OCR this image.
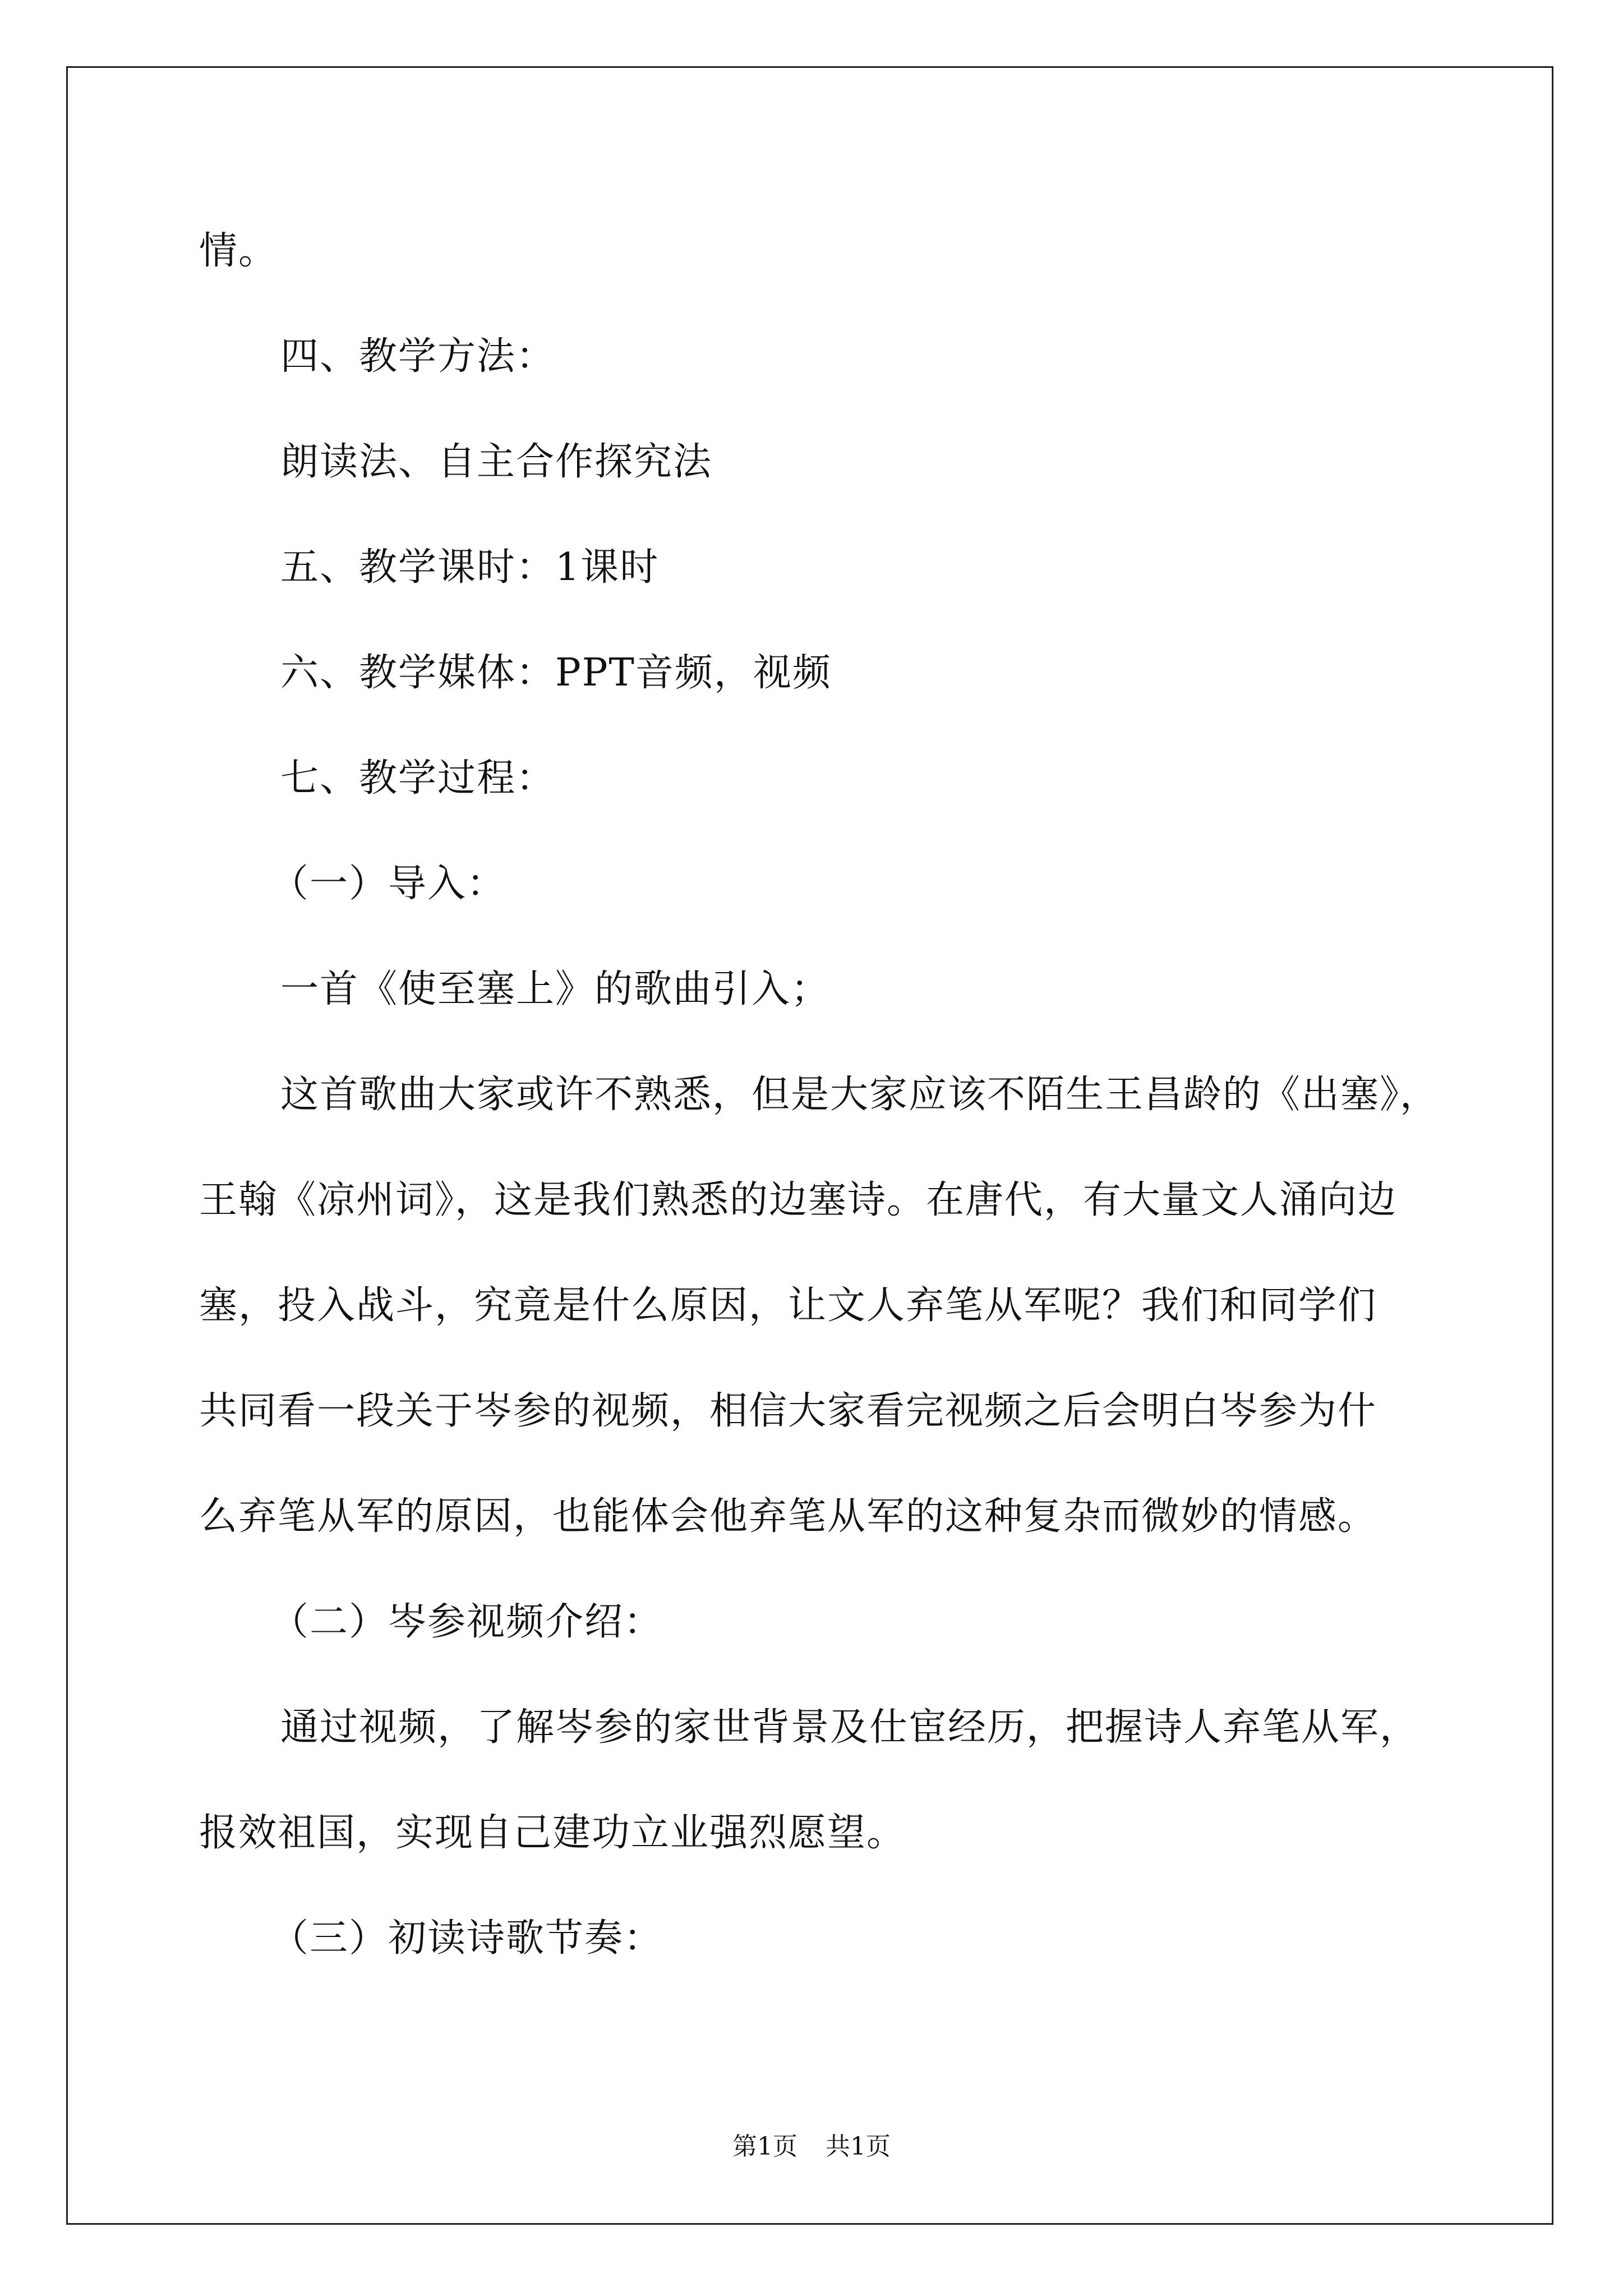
情。

四、教学方法：

朗读法、自主合作探究法

五、教学课时：1课时

六、教学媒体：PPT音频，视频

七、教学过程：

（一）导入：

一首《使至塞上》的歌曲引入；

这首歌曲大家或许不熟悉，但是大家应该不陌生王昌龄的《出塞》，

王翰《凉州词》，这是我们熟悉的边塞诗。在唐代，有大量文人涌向边

塞，投入战斗，究竟是什么原因，让文人弃笔从军呢？我们和同学们

共同看一段关于岑参的视频，相信大家看完视频之后会明白岑参为什

么弃笔从军的原因，也能体会他弃笔从军的这种复杂而微妙的情感。

（二）岑参视频介绍：

通过视频，了解岑参的家世背景及仕宦经历，把握诗人弃笔从军，

报效祖国，实现自己建功立业强烈愿望。

（三）初读诗歌节奏：

第1页 共1页
